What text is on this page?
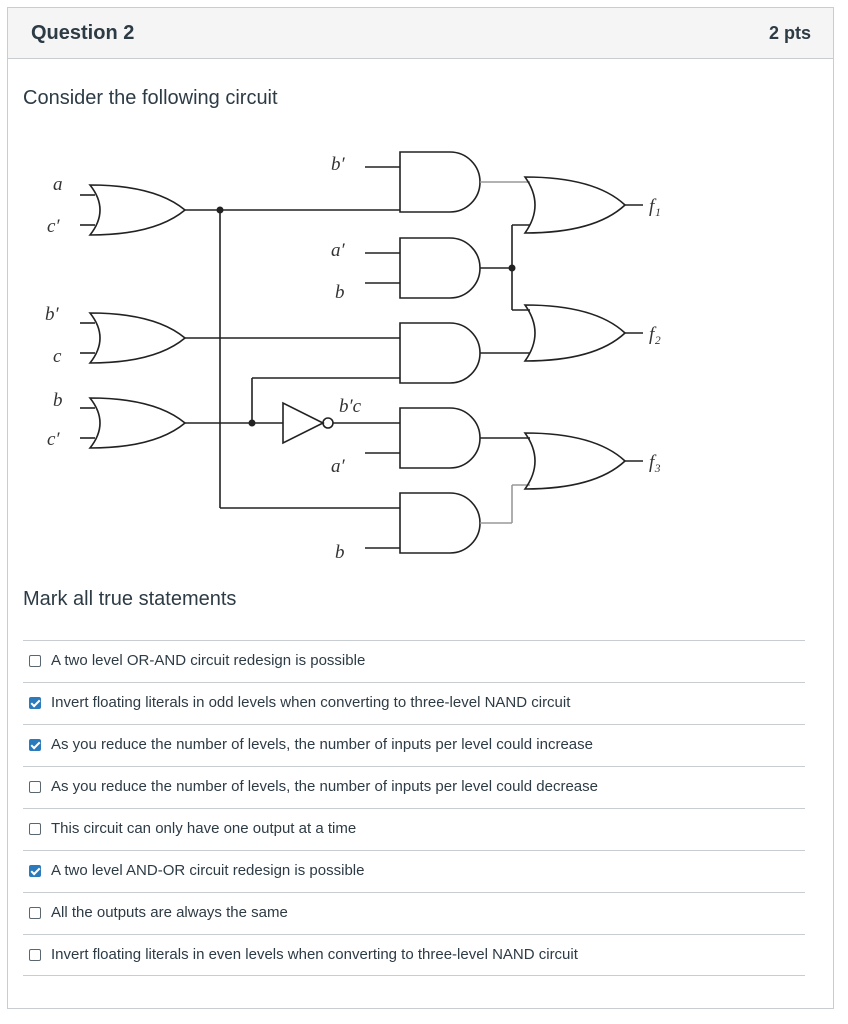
Question 2	2 pts
Consider the following circuit
a
c′
b′
c
b
c′
b′
a′
b
b′c
a′
b
f₁
f₂
f₃
Mark all true statements
A two level OR-AND circuit redesign is possible
Invert floating literals in odd levels when converting to three-level NAND circuit
As you reduce the number of levels, the number of inputs per level could increase
As you reduce the number of levels, the number of inputs per level could decrease
This circuit can only have one output at a time
A two level AND-OR circuit redesign is possible
All the outputs are always the same
Invert floating literals in even levels when converting to three-level NAND circuit
